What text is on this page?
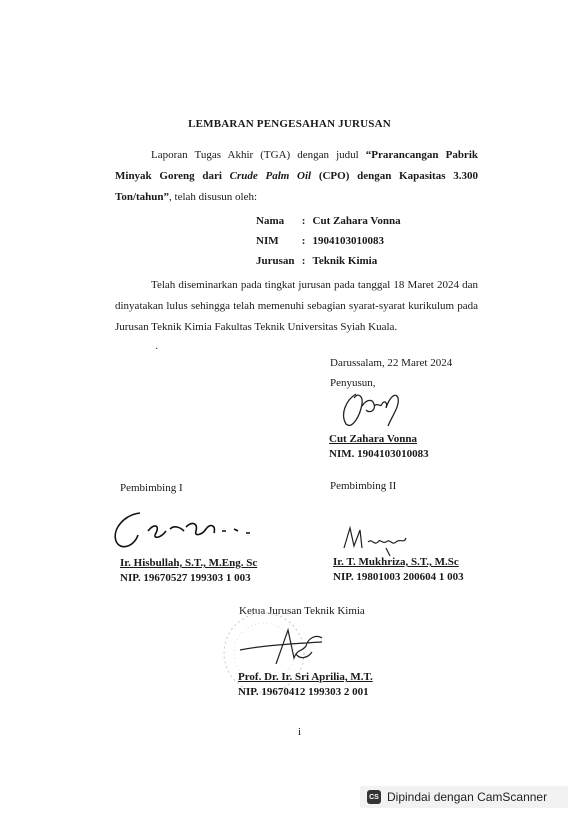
LEMBARAN PENGESAHAN JURUSAN
Laporan Tugas Akhir (TGA) dengan judul “Prarancangan Pabrik Minyak Goreng dari Crude Palm Oil (CPO) dengan Kapasitas 3.300 Ton/tahun”, telah disusun oleh:
Nama	:	Cut Zahara Vonna
NIM	:	1904103010083
Jurusan	:	Teknik Kimia
Telah diseminarkan pada tingkat jurusan pada tanggal 18 Maret 2024 dan dinyatakan lulus sehingga telah memenuhi sebagian syarat-syarat kurikulum pada Jurusan Teknik Kimia Fakultas Teknik Universitas Syiah Kuala.
·
Darussalam, 22 Maret 2024
Penyusun,
Cut Zahara Vonna
NIM. 1904103010083
Pembimbing I	Pembimbing II
Ir. Hisbullah, S.T., M.Eng. Sc
NIP. 19670527 199303 1 003
Ir. T. Mukhriza, S.T., M.Sc
NIP. 19801003 200604 1 003
Ketua Jurusan Teknik Kimia
Prof. Dr. Ir. Sri Aprilia, M.T.
NIP. 19670412 199303 2 001
i
CS Dipindai dengan CamScanner
